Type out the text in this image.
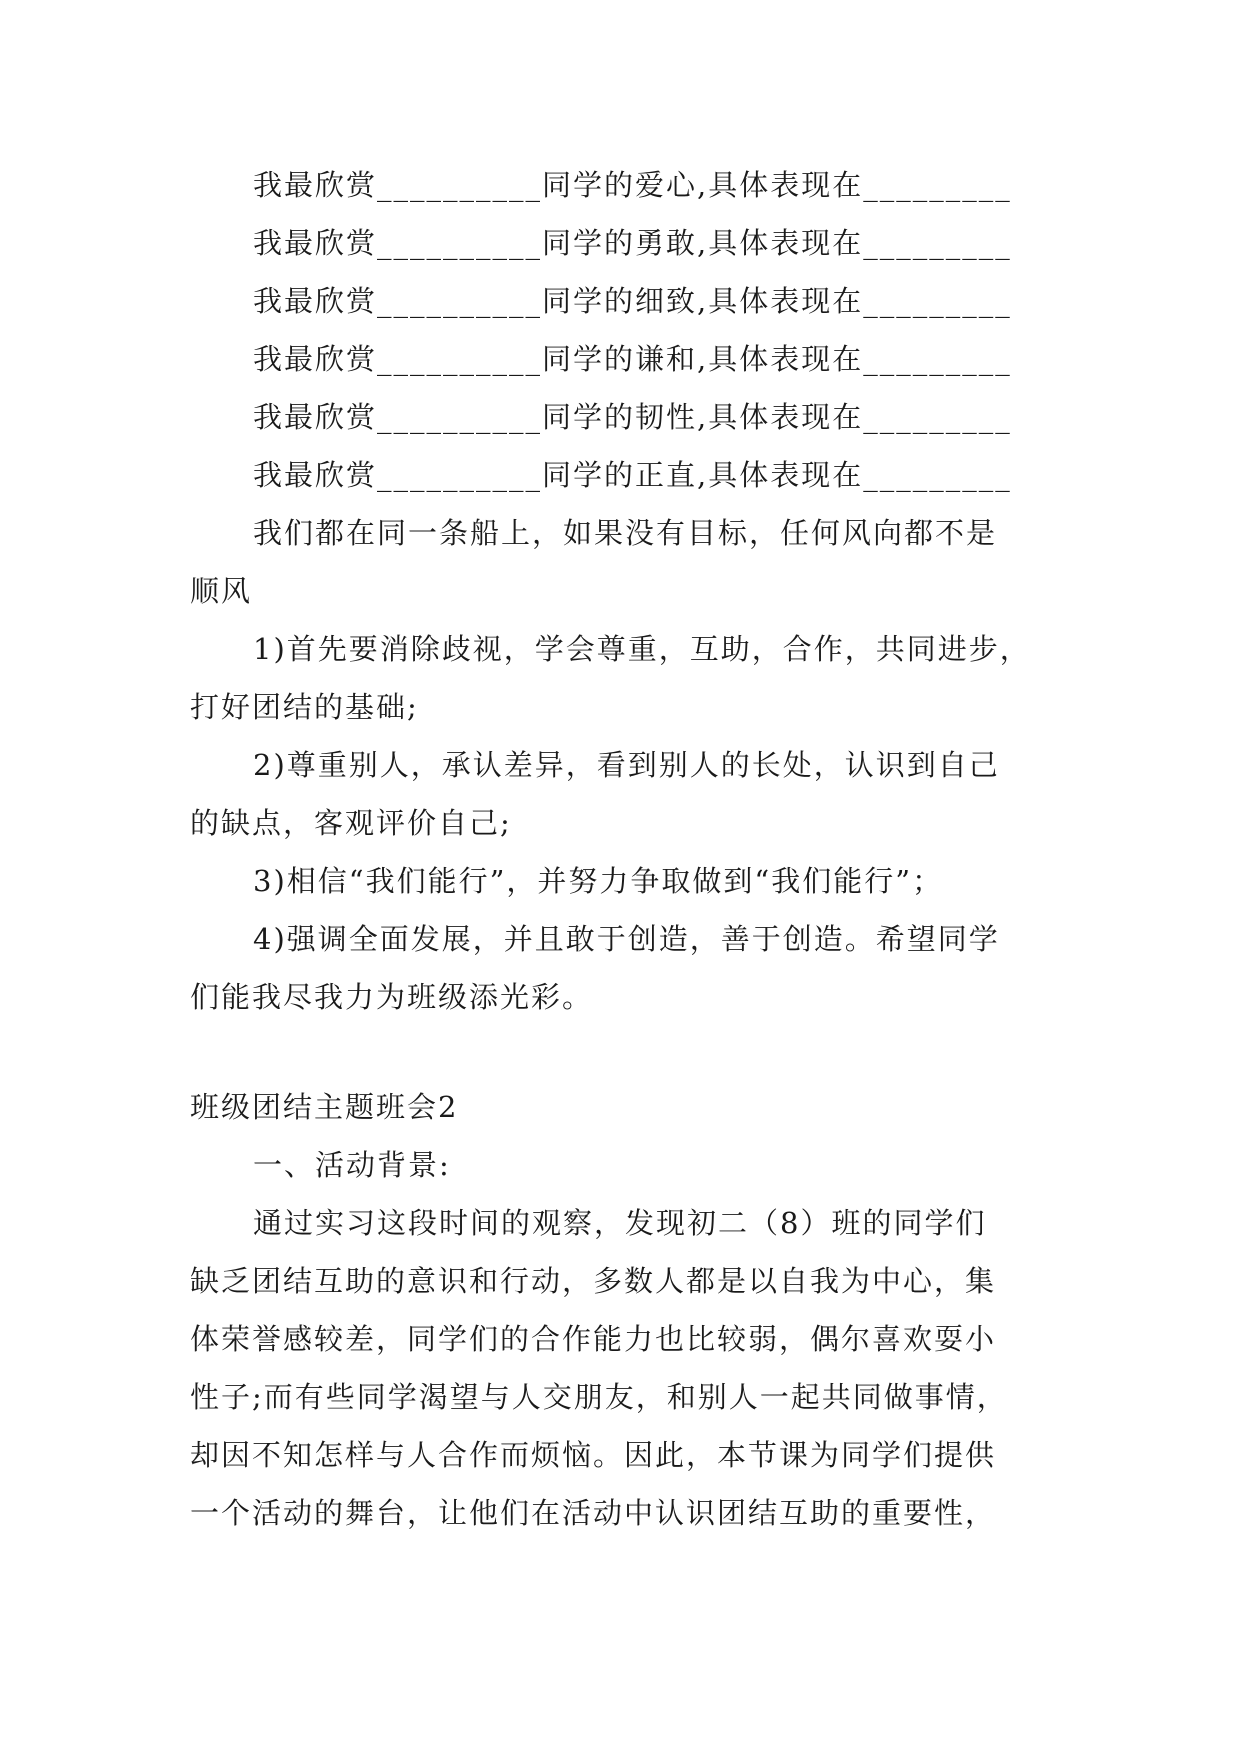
我最欣赏__________同学的爱心,具体表现在_________
我最欣赏__________同学的勇敢,具体表现在_________
我最欣赏__________同学的细致,具体表现在_________
我最欣赏__________同学的谦和,具体表现在_________
我最欣赏__________同学的韧性,具体表现在_________
我最欣赏__________同学的正直,具体表现在_________
我们都在同一条船上，如果没有目标，任何风向都不是
顺风
1)首先要消除歧视，学会尊重，互助，合作，共同进步，
打好团结的基础;
2)尊重别人，承认差异，看到别人的长处，认识到自己
的缺点，客观评价自己;
3)相信“我们能行”，并努力争取做到“我们能行”；
4)强调全面发展，并且敢于创造，善于创造。希望同学
们能我尽我力为班级添光彩。
班级团结主题班会2
一、活动背景:
通过实习这段时间的观察，发现初二（8）班的同学们
缺乏团结互助的意识和行动，多数人都是以自我为中心，集
体荣誉感较差，同学们的合作能力也比较弱，偶尔喜欢耍小
性子;而有些同学渴望与人交朋友，和别人一起共同做事情，
却因不知怎样与人合作而烦恼。因此，本节课为同学们提供
一个活动的舞台，让他们在活动中认识团结互助的重要性，
